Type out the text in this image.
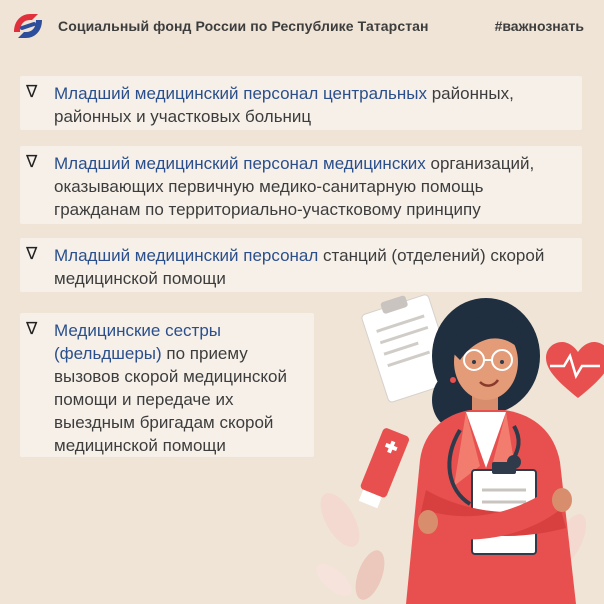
Социальный фонд России по Республике Татарстан	#важнознать
∇ Младший медицинский персонал центральных районных, районных и участковых больниц
∇ Младший медицинский персонал медицинских организаций, оказывающих первичную медико-санитарную помощь гражданам по территориально-участковому принципу
∇ Младший медицинский персонал станций (отделений) скорой медицинской помощи
∇ Медицинские сестры (фельдшеры) по приему вызовов скорой медицинской помощи и передаче их выездным бригадам скорой медицинской помощи
